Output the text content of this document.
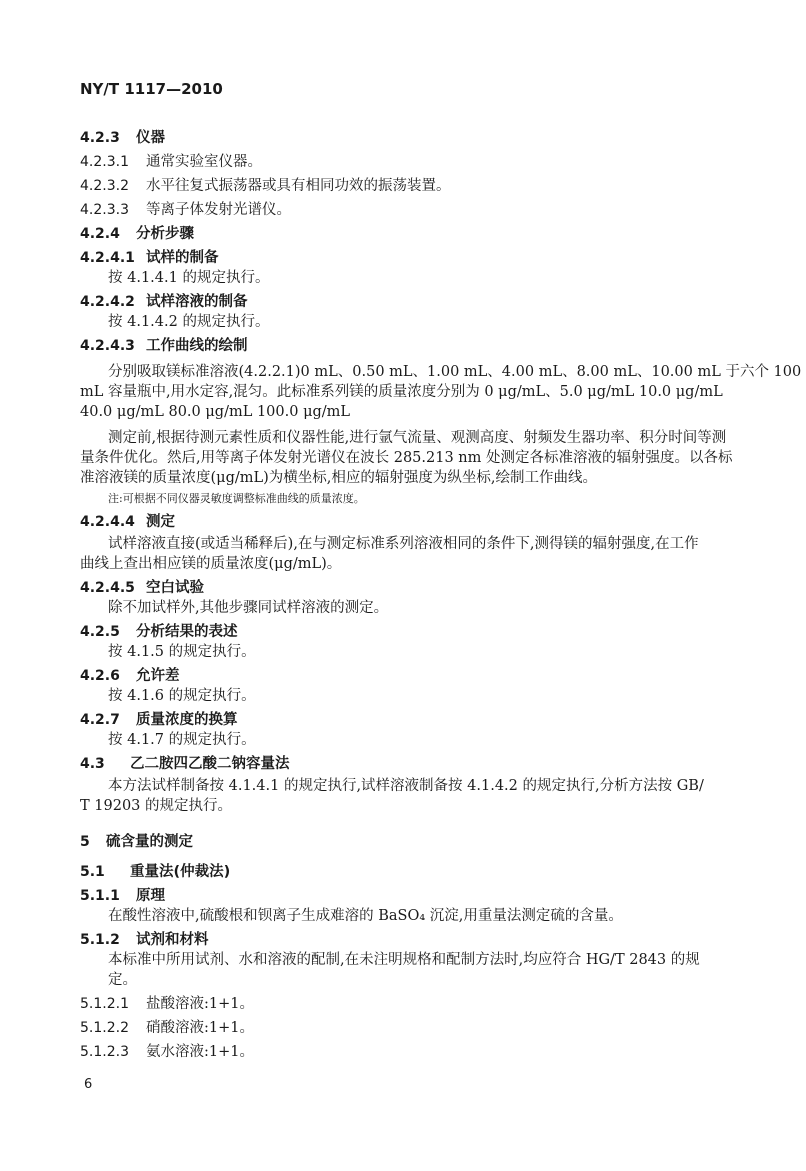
NY/T 1117—2010
4.2.3 仪器
4.2.3.1 通常实验室仪器。
4.2.3.2 水平往复式振荡器或具有相同功效的振荡装置。
4.2.3.3 等离子体发射光谱仪。
4.2.4 分析步骤
4.2.4.1 试样的制备
按 4.1.4.1 的规定执行。
4.2.4.2 试样溶液的制备
按 4.1.4.2 的规定执行。
4.2.4.3 工作曲线的绘制
分别吸取镁标准溶液(4.2.2.1)0 mL、0.50 mL、1.00 mL、4.00 mL、8.00 mL、10.00 mL 于六个 100
mL 容量瓶中,用水定容,混匀。此标准系列镁的质量浓度分别为 0 μg/mL、5.0 μg/mL 10.0 μg/mL
40.0 μg/mL 80.0 μg/mL 100.0 μg/mL
测定前,根据待测元素性质和仪器性能,进行氩气流量、观测高度、射频发生器功率、积分时间等测
量条件优化。然后,用等离子体发射光谱仪在波长 285.213 nm 处测定各标准溶液的辐射强度。以各标
准溶液镁的质量浓度(μg/mL)为横坐标,相应的辐射强度为纵坐标,绘制工作曲线。
注:可根据不同仪器灵敏度调整标准曲线的质量浓度。
4.2.4.4 测定
试样溶液直接(或适当稀释后),在与测定标准系列溶液相同的条件下,测得镁的辐射强度,在工作
曲线上查出相应镁的质量浓度(μg/mL)。
4.2.4.5 空白试验
除不加试样外,其他步骤同试样溶液的测定。
4.2.5 分析结果的表述
按 4.1.5 的规定执行。
4.2.6 允许差
按 4.1.6 的规定执行。
4.2.7 质量浓度的换算
按 4.1.7 的规定执行。
4.3 乙二胺四乙酸二钠容量法
本方法试样制备按 4.1.4.1 的规定执行,试样溶液制备按 4.1.4.2 的规定执行,分析方法按 GB/
T 19203 的规定执行。
5 硫含量的测定
5.1 重量法(仲裁法)
5.1.1 原理
在酸性溶液中,硫酸根和钡离子生成难溶的 BaSO₄ 沉淀,用重量法测定硫的含量。
5.1.2 试剂和材料
本标准中所用试剂、水和溶液的配制,在未注明规格和配制方法时,均应符合 HG/T 2843 的规定。
5.1.2.1 盐酸溶液:1+1。
5.1.2.2 硝酸溶液:1+1。
5.1.2.3 氨水溶液:1+1。
6
